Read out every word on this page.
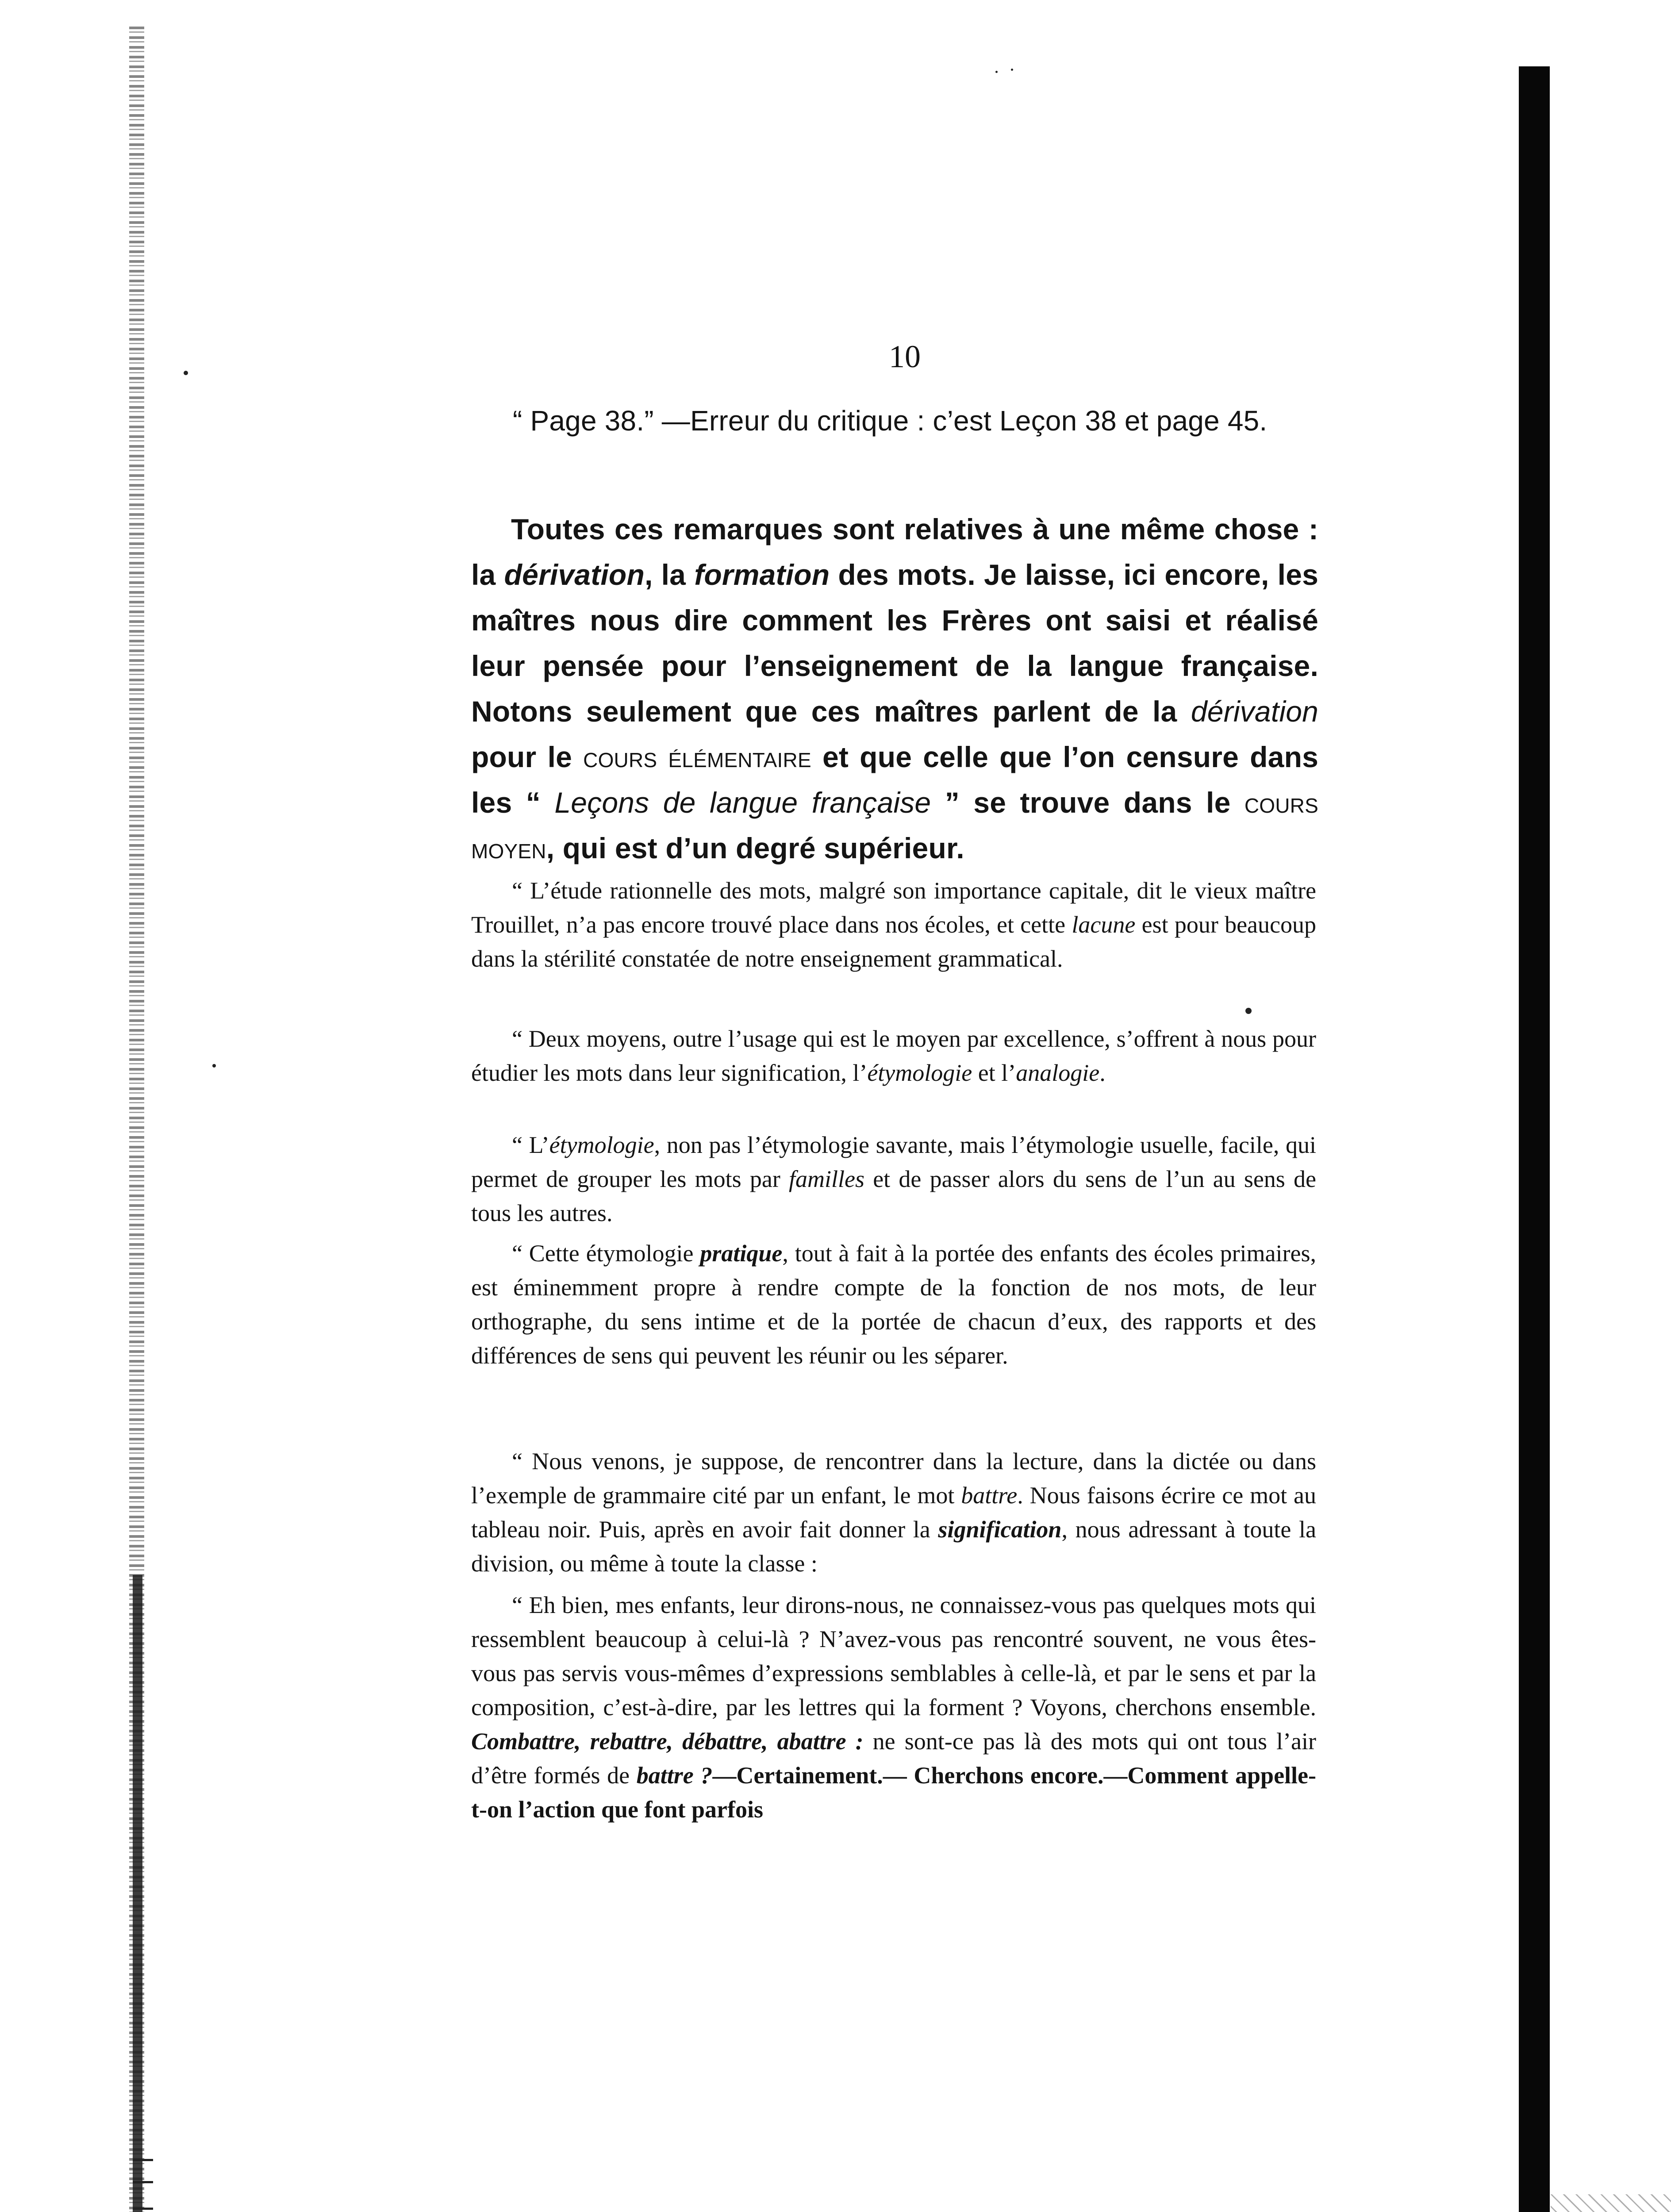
10

“ Page 38.” —Erreur du critique : c’est Leçon 38 et page 45.

Toutes ces remarques sont relatives à une même chose : la dérivation, la formation des mots. Je laisse, ici encore, les maîtres nous dire comment les Frères ont saisi et réalisé leur pensée pour l’enseignement de la langue française. Notons seulement que ces maîtres parlent de la dérivation pour le cours élémentaire et que celle que l’on censure dans les “ Leçons de langue française ” se trouve dans le cours moyen, qui est d’un degré supérieur.

“ L’étude rationnelle des mots, malgré son importance capitale, dit le vieux maître Trouillet, n’a pas encore trouvé place dans nos écoles, et cette lacune est pour beaucoup dans la stérilité constatée de notre enseignement grammatical.

“ Deux moyens, outre l’usage qui est le moyen par excellence, s’offrent à nous pour étudier les mots dans leur signification, l’étymologie et l’analogie.

“ L’étymologie, non pas l’étymologie savante, mais l’étymologie usuelle, facile, qui permet de grouper les mots par familles et de passer alors du sens de l’un au sens de tous les autres.

“ Cette étymologie pratique, tout à fait à la portée des enfants des écoles primaires, est éminemment propre à rendre compte de la fonction de nos mots, de leur orthographe, du sens intime et de la portée de chacun d’eux, des rapports et des différences de sens qui peuvent les réunir ou les séparer.

“ Nous venons, je suppose, de rencontrer dans la lecture, dans la dictée ou dans l’exemple de grammaire cité par un enfant, le mot battre. Nous faisons écrire ce mot au tableau noir. Puis, après en avoir fait donner la signification, nous adressant à toute la division, ou même à toute la classe :

“ Eh bien, mes enfants, leur dirons-nous, ne connaissez-vous pas quelques mots qui ressemblent beaucoup à celui-là ? N’avez-vous pas rencontré souvent, ne vous êtes-vous pas servis vous-mêmes d’expressions semblables à celle-là, et par le sens et par la composition, c’est-à-dire, par les lettres qui la forment ? Voyons, cherchons ensemble. Combattre, rebattre, débattre, abattre : ne sont-ce pas là des mots qui ont tous l’air d’être formés de battre ?—Certainement.— Cherchons encore.—Comment appelle-t-on l’action que font parfois
